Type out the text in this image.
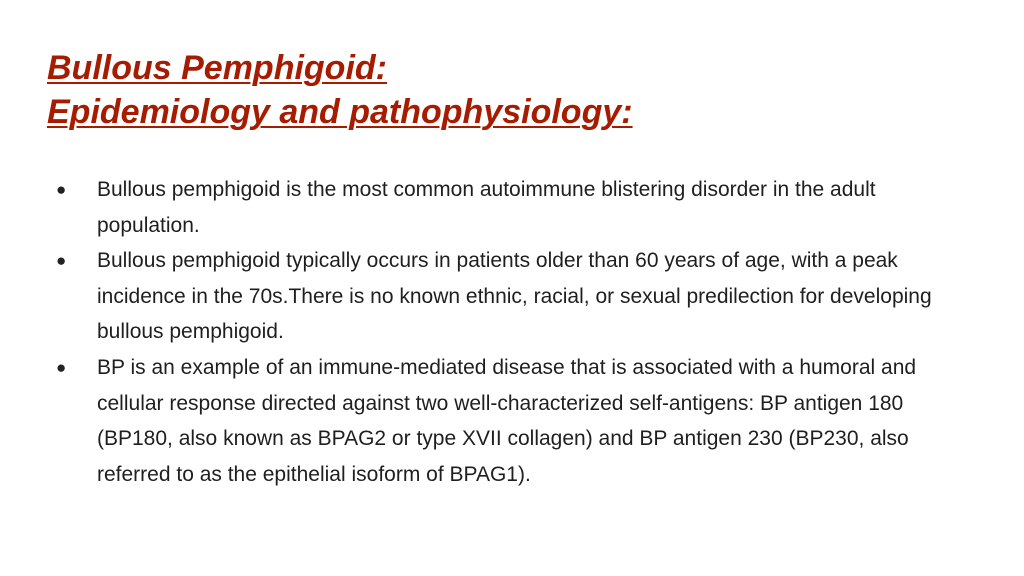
Bullous Pemphigoid:
Epidemiology and pathophysiology:
● Bullous pemphigoid is the most common autoimmune blistering disorder in the adult population.
● Bullous pemphigoid typically occurs in patients older than 60 years of age, with a peak incidence in the 70s.There is no known ethnic, racial, or sexual predilection for developing bullous pemphigoid.
● BP is an example of an immune-mediated disease that is associated with a humoral and cellular response directed against two well-characterized self-antigens: BP antigen 180 (BP180, also known as BPAG2 or type XVII collagen) and BP antigen 230 (BP230, also referred to as the epithelial isoform of BPAG1).
